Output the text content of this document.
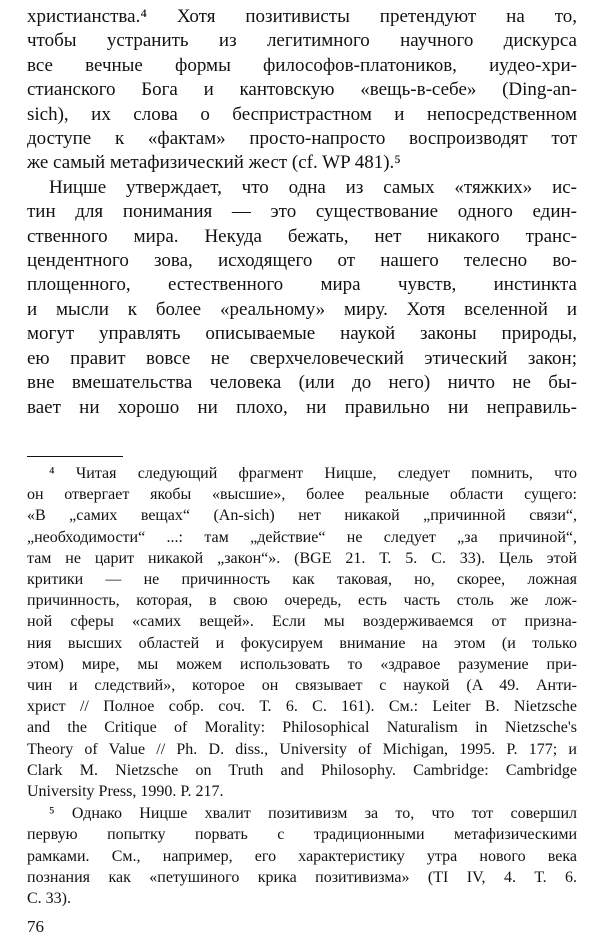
христианства.⁴ Хотя позитивисты претендуют на то,

чтобы устранить из легитимного научного дискурса

все вечные формы философов-платоников, иудео-хри-

стианского Бога и кантовскую «вещь-в-себе» (Ding-an-

sich), их слова о беспристрастном и непосредственном

доступе к «фактам» просто-напросто воспроизводят тот

же самый метафизический жест (cf. WP 481).⁵

Ницше утверждает, что одна из самых «тяжких» ис-

тин для понимания — это существование одного един-

ственного мира. Некуда бежать, нет никакого транс-

цендентного зова, исходящего от нашего телесно во-

площенного, естественного мира чувств, инстинкта

и мысли к более «реальному» миру. Хотя вселенной и

могут управлять описываемые наукой законы природы,

ею правит вовсе не сверхчеловеческий этический закон;

вне вмешательства человека (или до него) ничто не бы-

вает ни хорошо ни плохо, ни правильно ни неправиль-

⁴ Читая следующий фрагмент Ницше, следует помнить, что

он отвергает якобы «высшие», более реальные области сущего:

«В „самих вещах“ (An-sich) нет никакой „причинной связи“,

„необходимости“ ...: там „действие“ не следует „за причиной“,

там не царит никакой „закон“». (BGE 21. Т. 5. С. 33). Цель этой

критики — не причинность как таковая, но, скорее, ложная

причинность, которая, в свою очередь, есть часть столь же лож-

ной сферы «самих вещей». Если мы воздерживаемся от призна-

ния высших областей и фокусируем внимание на этом (и только

этом) мире, мы можем использовать то «здравое разумение при-

чин и следствий», которое он связывает с наукой (A 49. Анти-

христ // Полное собр. соч. Т. 6. С. 161). См.: Leiter B. Nietzsche

and the Critique of Morality: Philosophical Naturalism in Nietzsche's

Theory of Value // Ph. D. diss., University of Michigan, 1995. P. 177; и

Clark M. Nietzsche on Truth and Philosophy. Cambridge: Cambridge

University Press, 1990. P. 217.

⁵ Однако Ницше хвалит позитивизм за то, что тот совершил

первую попытку порвать с традиционными метафизическими

рамками. См., например, его характеристику утра нового века

познания как «петушиного крика позитивизма» (TI IV, 4. Т. 6.

С. 33).

76
